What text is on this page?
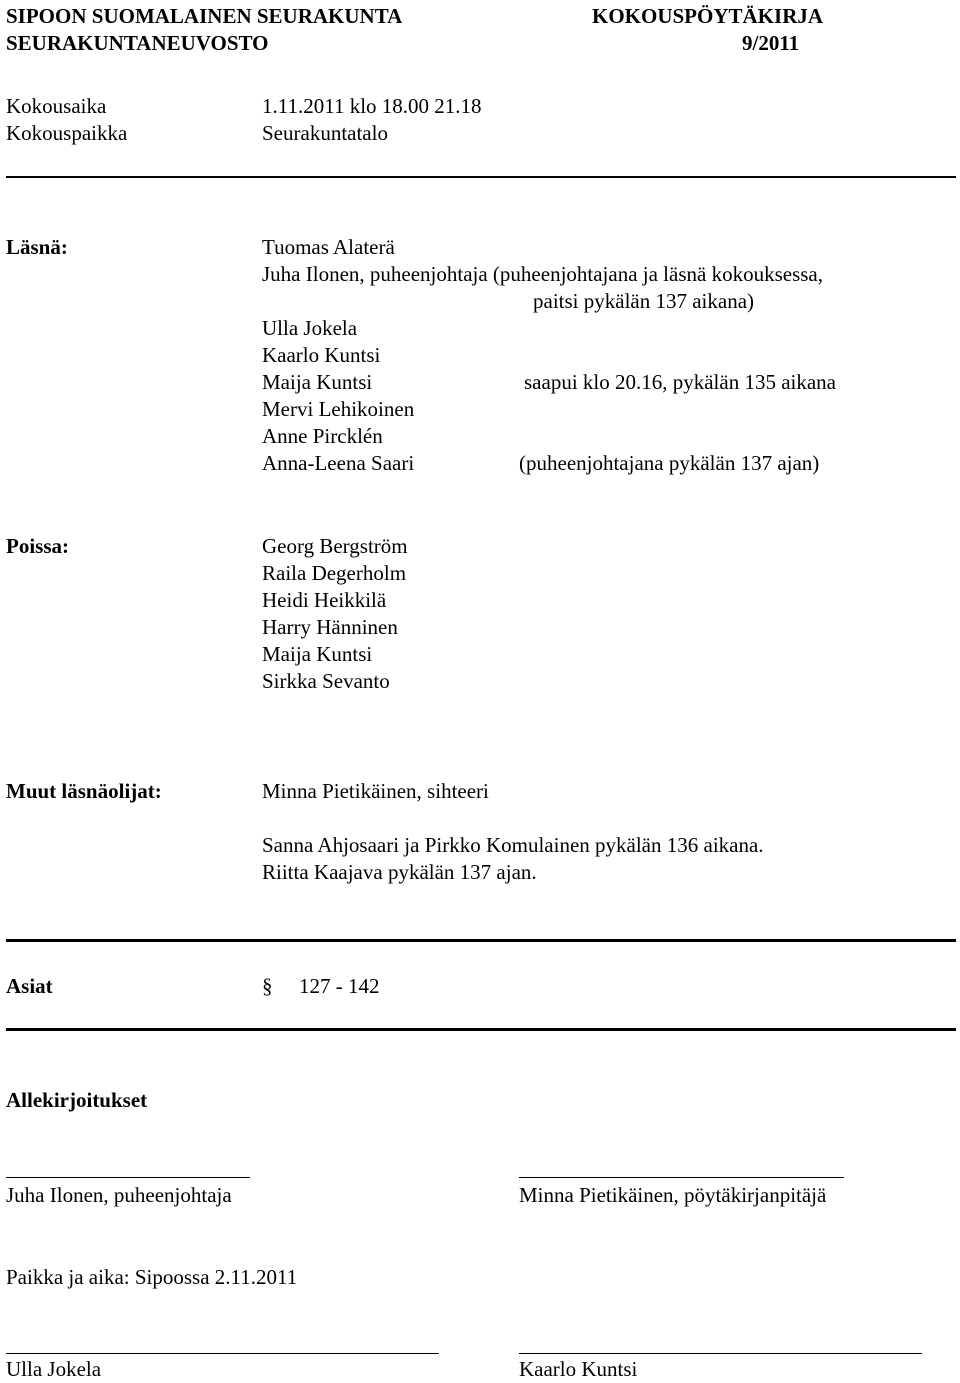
SIPOON SUOMALAINEN SEURAKUNTA	KOKOUSPÖYTÄKIRJA
SEURAKUNTANEUVOSTO	9/2011
Kokousaika	1.11.2011 klo 18.00 21.18
Kokouspaikka	Seurakuntatalo
Läsnä:	Tuomas Alaterä
Juha Ilonen, puheenjohtaja (puheenjohtajana ja läsnä kokouksessa,
paitsi pykälän 137 aikana)
Ulla Jokela
Kaarlo Kuntsi
Maija Kuntsi	saapui klo 20.16, pykälän 135 aikana
Mervi Lehikoinen
Anne Pircklén
Anna-Leena Saari	(puheenjohtajana pykälän 137 ajan)
Poissa:	Georg Bergström
Raila Degerholm
Heidi Heikkilä
Harry Hänninen
Maija Kuntsi
Sirkka Sevanto
Muut läsnäolijat:	Minna Pietikäinen, sihteeri
Sanna Ahjosaari ja Pirkko Komulainen pykälän 136 aikana.
Riitta Kaajava pykälän 137 ajan.
Asiat	§ 127 - 142
Allekirjoitukset
Juha Ilonen, puheenjohtaja	Minna Pietikäinen, pöytäkirjanpitäjä
Paikka ja aika: Sipoossa 2.11.2011
Ulla Jokela	Kaarlo Kuntsi
